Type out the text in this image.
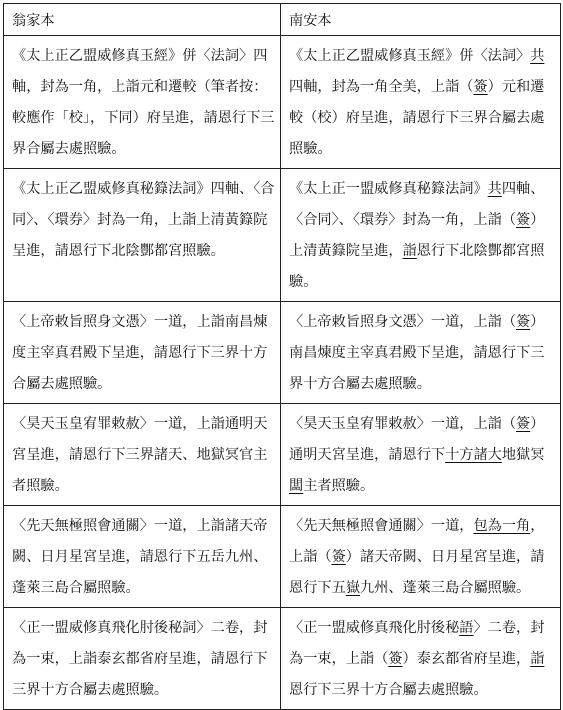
翁家本	南安本
《太上正乙盟威修真玉經》併〈法詞〉四軸，封為一角，上詣元和遷較（筆者按：較應作「校」，下同）府呈進，請恩行下三界合屬去處照驗。	《太上正乙盟威修真玉經》併〈法詞〉共四軸，封為一角全美，上詣（簽）元和遷較（校）府呈進，請恩行下三界合屬去處照驗。
《太上正乙盟威修真秘籙法詞》四軸、〈合同〉、〈環券〉封為一角，上詣上清黃籙院呈進，請恩行下北陰酆都宮照驗。	《太上正一盟威修真秘籙法詞》共四軸、〈合同〉、〈環券〉封為一角，上詣（簽）上清黃籙院呈進，詣恩行下北陰酆都宮照驗。
〈上帝敕旨照身文憑〉一道，上詣南昌煉度主宰真君殿下呈進，請恩行下三界十方合屬去處照驗。	〈上帝敕旨照身文憑〉一道，上詣（簽）南昌煉度主宰真君殿下呈進，請恩行下三界十方合屬去處照驗。
〈昊天玉皇宥罪敕赦〉一道，上詣通明天宮呈進，請恩行下三界諸天、地獄冥官主者照驗。	〈昊天玉皇宥罪敕赦〉一道，上詣（簽）通明天宮呈進，請恩行下十方諸大地獄冥闆主者照驗。
〈先天無極照會通關〉一道，上詣諸天帝闕、日月星宮呈進，請恩行下五岳九州、蓬萊三島合屬照驗。	〈先天無極照會通關〉一道，包為一角，上詣（簽）諸天帝闕、日月星宮呈進，請恩行下五嶽九州、蓬萊三島合屬照驗。
〈正一盟威修真飛化肘後秘詞〉二卷，封為一束，上詣泰玄都省府呈進，請恩行下三界十方合屬去處照驗。	〈正一盟威修真飛化肘後秘語〉二卷，封為一束，上詣（簽）泰玄都省府呈進，詣恩行下三界十方合屬去處照驗。
